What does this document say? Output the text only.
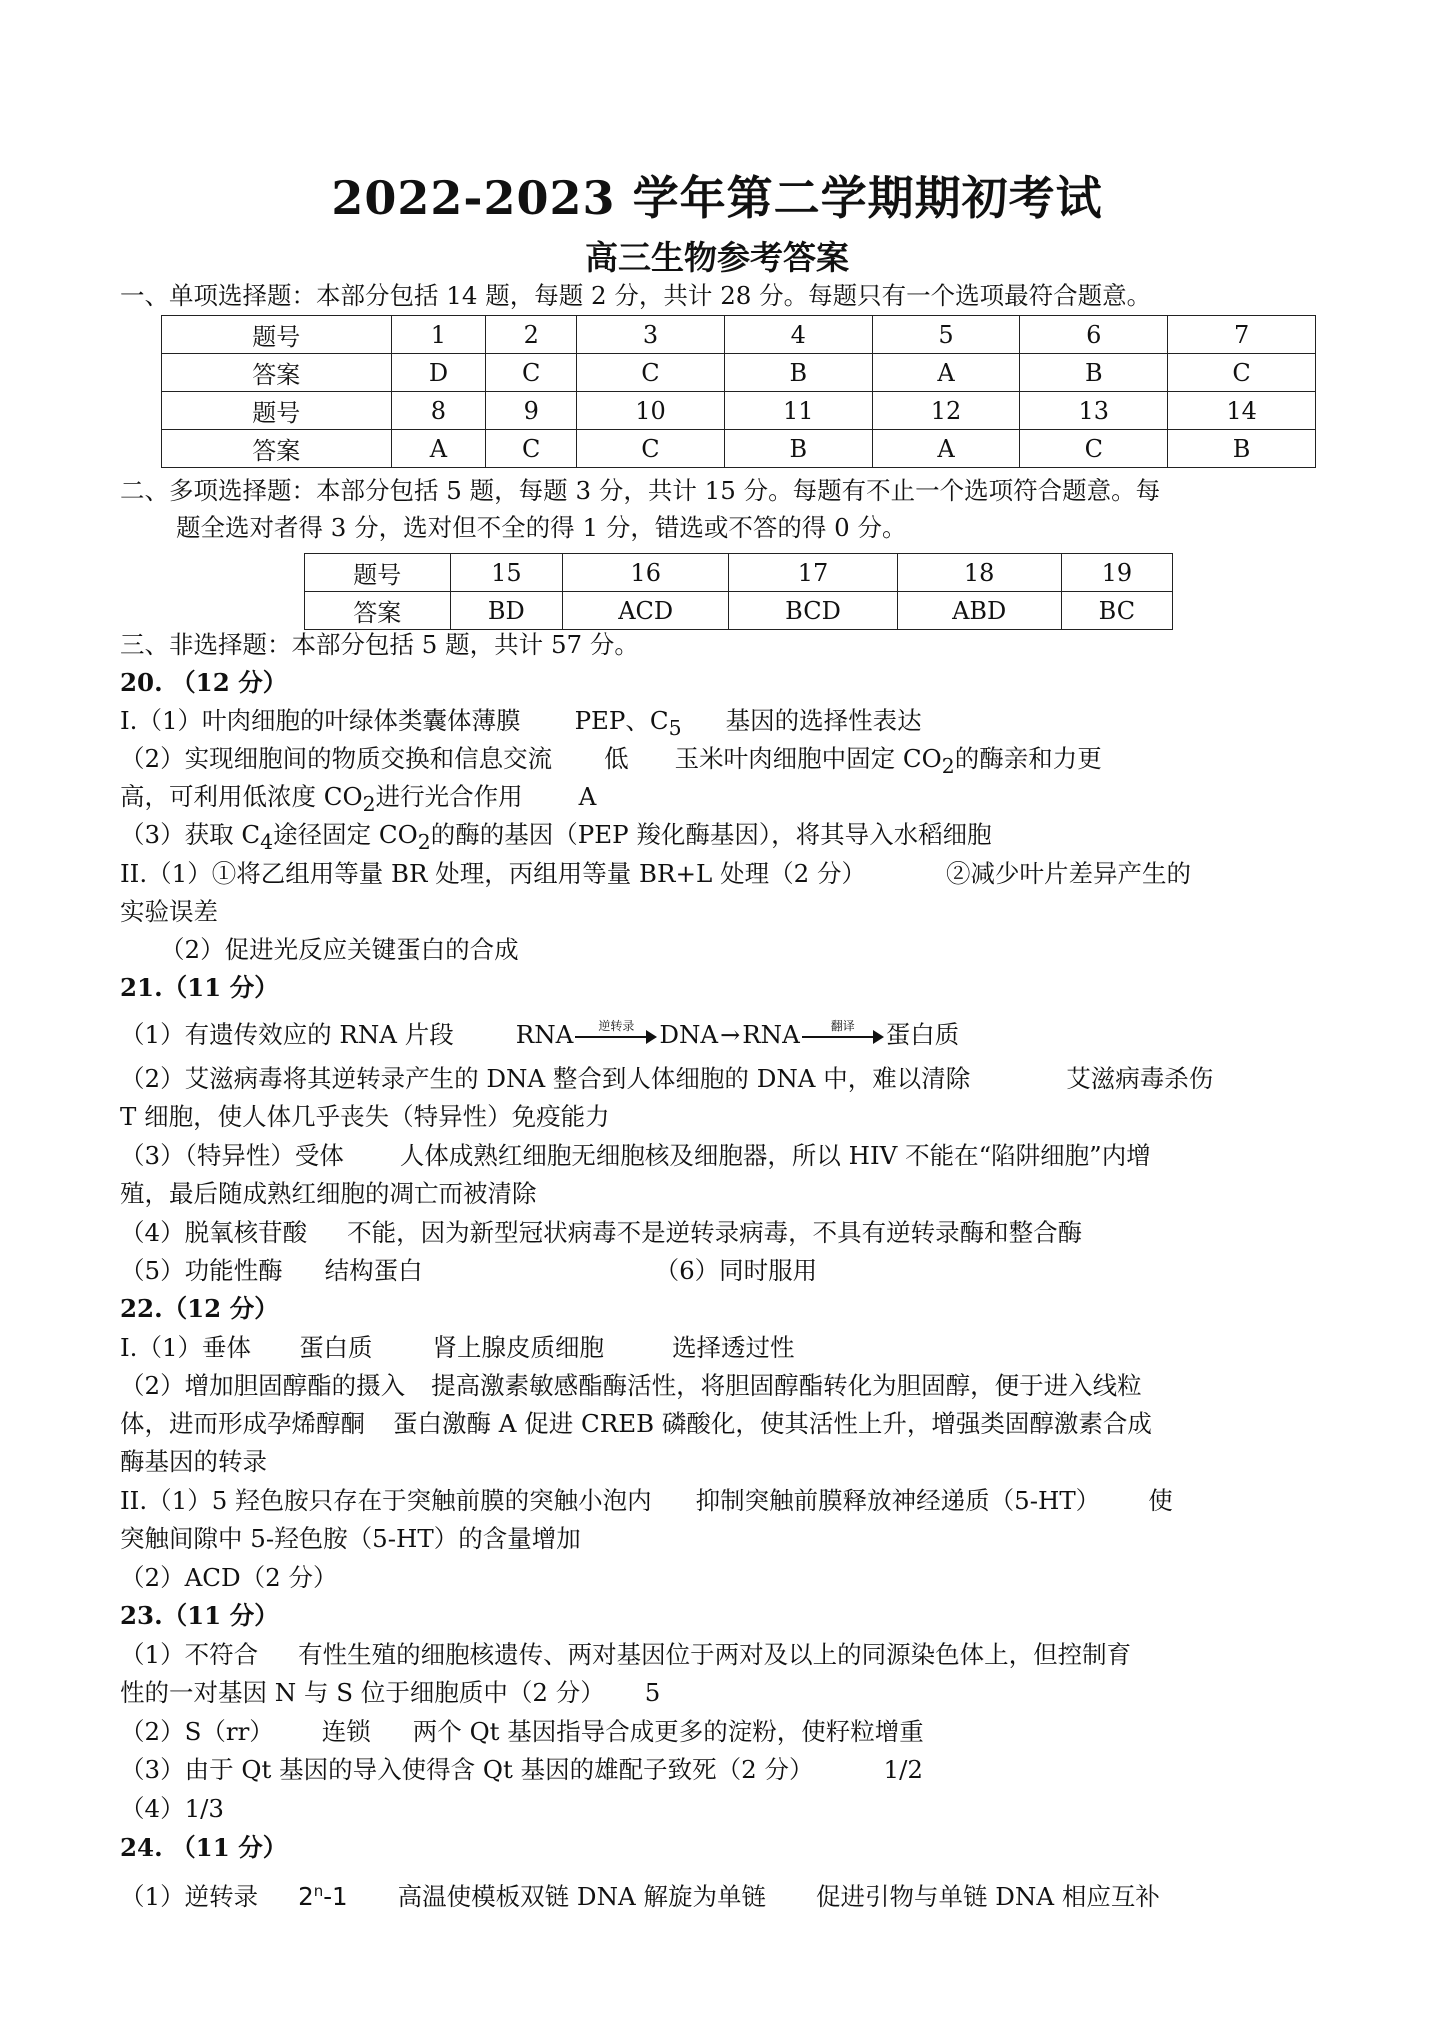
2022-2023 学年第二学期期初考试
高三生物参考答案
一、单项选择题：本部分包括 14 题，每题 2 分，共计 28 分。每题只有一个选项最符合题意。
题号	1	2	3	4	5	6	7
答案	D	C	C	B	A	B	C
题号	8	9	10	11	12	13	14
答案	A	C	C	B	A	C	B
二、多项选择题：本部分包括 5 题，每题 3 分，共计 15 分。每题有不止一个选项符合题意。每
题全选对者得 3 分，选对但不全的得 1 分，错选或不答的得 0 分。
题号	15	16	17	18	19
答案	BD	ACD	BCD	ABD	BC
三、非选择题：本部分包括 5 题，共计 57 分。
20. （12 分）
I.（1）叶肉细胞的叶绿体类囊体薄膜 PEP、$C_5$ 基因的选择性表达
（2）实现细胞间的物质交换和信息交流 低 玉米叶肉细胞中固定 $CO_2$的酶亲和力更
高，可利用低浓度 $CO_2$进行光合作用 A
（3）获取 $C_4$途径固定 $CO_2$的酶的基因（PEP 羧化酶基因），将其导入水稻细胞
II.（1）①将乙组用等量 BR 处理，丙组用等量 BR+L 处理（2 分）	②减少叶片差异产生的
实验误差
（2）促进光反应关键蛋白的合成
21.（11 分）
（1）有遗传效应的 RNA 片段	RNA	逆转录	DNA→RNA	翻译	蛋白质
（2）艾滋病毒将其逆转录产生的 DNA 整合到人体细胞的 DNA 中，难以清除	艾滋病毒杀伤
T 细胞，使人体几乎丧失（特异性）免疫能力
（3）（特异性）受体 人体成熟红细胞无细胞核及细胞器，所以 HIV 不能在“陷阱细胞”内增
殖，最后随成熟红细胞的凋亡而被清除
（4）脱氧核苷酸 不能，因为新型冠状病毒不是逆转录病毒，不具有逆转录酶和整合酶
（5）功能性酶 结构蛋白	（6）同时服用
22.（12 分）
I.（1）垂体 蛋白质 肾上腺皮质细胞	选择透过性
（2）增加胆固醇酯的摄入 提高激素敏感酯酶活性，将胆固醇酯转化为胆固醇，便于进入线粒
体，进而形成孕烯醇酮 蛋白激酶 A 促进 CREB 磷酸化，使其活性上升，增强类固醇激素合成
酶基因的转录
II.（1）5 羟色胺只存在于突触前膜的突触小泡内 抑制突触前膜释放神经递质（5-HT） 使
突触间隙中 5-羟色胺（5-HT）的含量增加
（2）ACD（2 分）
23.（11 分）
（1）不符合 有性生殖的细胞核遗传、两对基因位于两对及以上的同源染色体上，但控制育
性的一对基因 N 与 S 位于细胞质中（2 分） 5
（2）S（rr） 连锁 两个 Qt 基因指导合成更多的淀粉，使籽粒增重
（3）由于 Qt 基因的导入使得含 Qt 基因的雄配子致死（2 分）	1/2
（4）1/3
24. （11 分）
（1）逆转录 2$^n$-1 高温使模板双链 DNA 解旋为单链 促进引物与单链 DNA 相应互补
